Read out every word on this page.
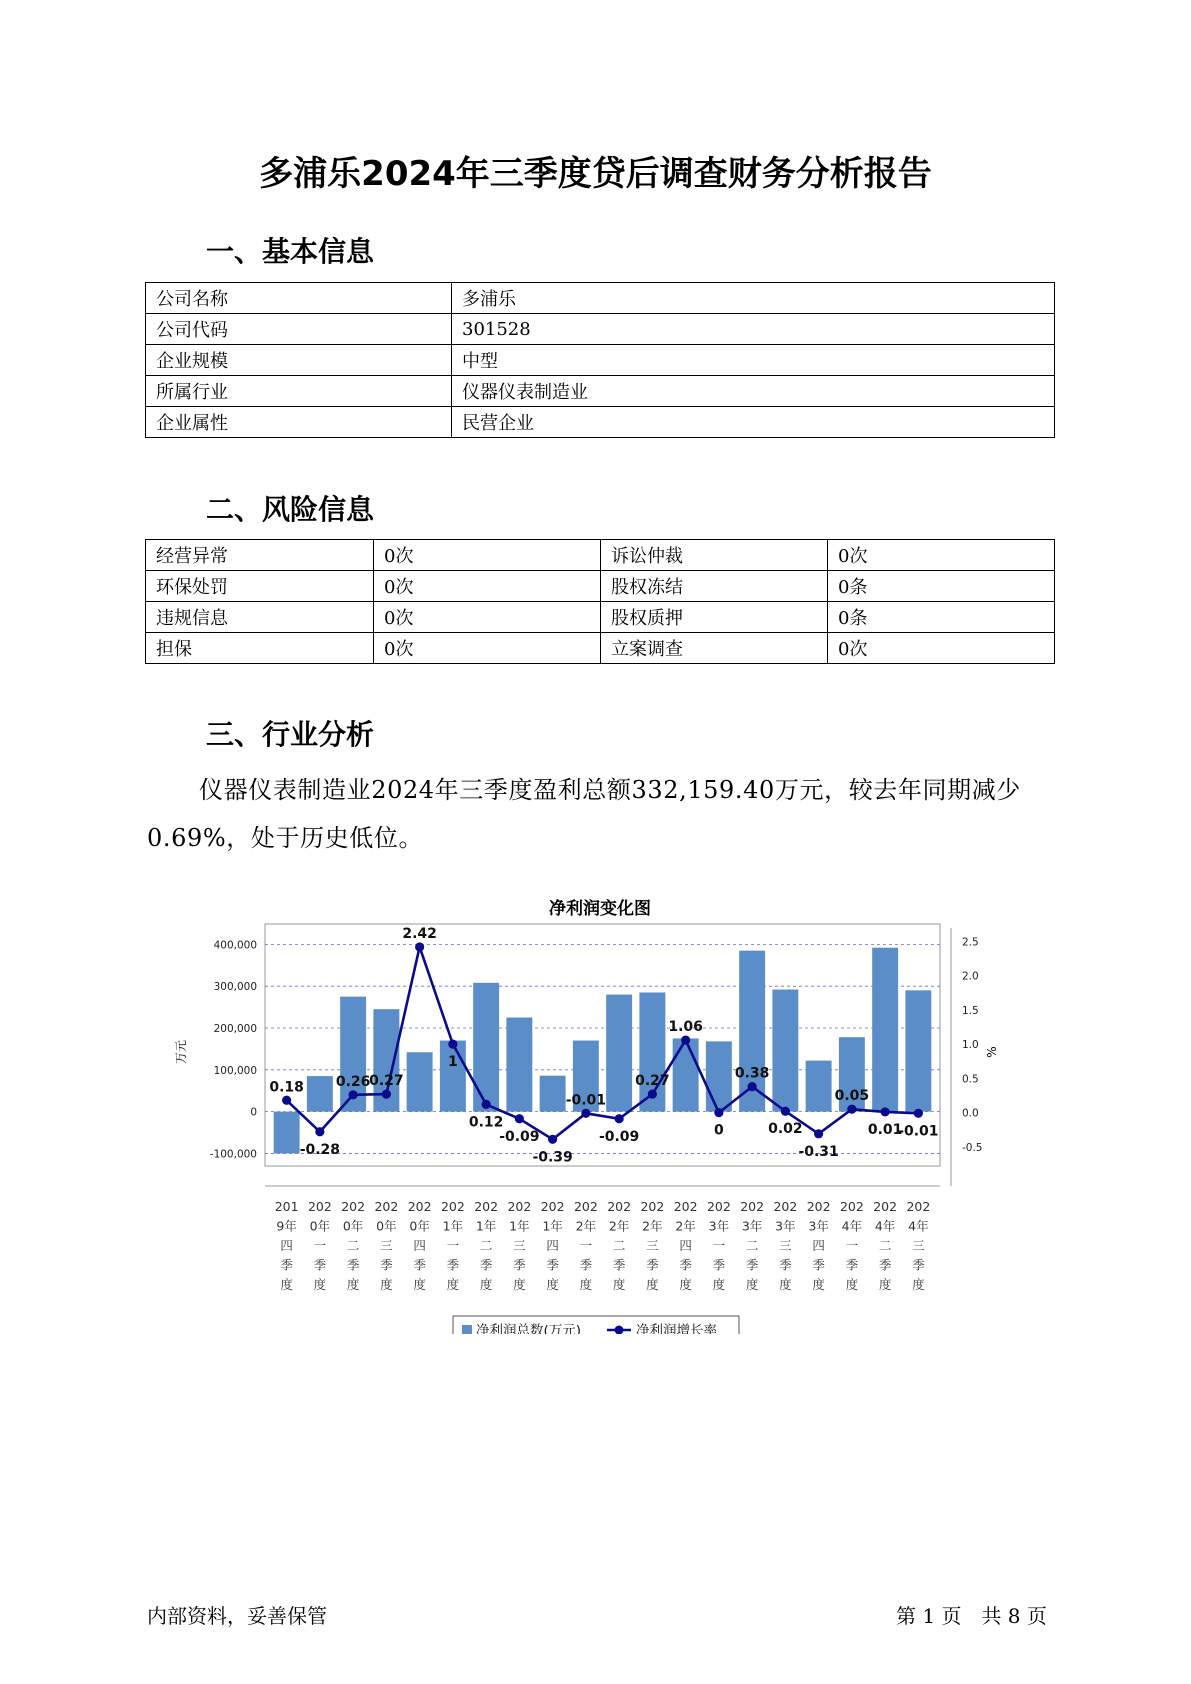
多浦乐2024年三季度贷后调查财务分析报告
一、基本信息
公司名称	多浦乐
公司代码	301528
企业规模	中型
所属行业	仪器仪表制造业
企业属性	民营企业
二、风险信息
经营异常	0次	诉讼仲裁	0次
环保处罚	0次	股权冻结	0条
违规信息	0次	股权质押	0条
担保	0次	立案调查	0次
三、行业分析
仪器仪表制造业2024年三季度盈利总额332,159.40万元，较去年同期减少0.69%，处于历史低位。
净利润变化图
-100,000
0
100,000
200,000
300,000
400,000
-0.5
0.0
0.5
1.0
1.5
2.0
2.5
万元	%
0.18
-0.28
0.26
0.27
2.42
1
0.12
-0.09
-0.39
-0.01
-0.09
0.27
1.06
0
0.38
0.02
-0.31
0.05
0.01
-0.01
201
9年
四
季
度
202
0年
一
季
度
202
0年
二
季
度
202
0年
三
季
度
202
0年
四
季
度
202
1年
一
季
度
202
1年
二
季
度
202
1年
三
季
度
202
1年
四
季
度
202
2年
一
季
度
202
2年
二
季
度
202
2年
三
季
度
202
2年
四
季
度
202
3年
一
季
度
202
3年
二
季
度
202
3年
三
季
度
202
3年
四
季
度
202
4年
一
季
度
202
4年
二
季
度
202
4年
三
季
度
净利润总数(万元)	净利润增长率
内部资料，妥善保管	第 1 页　共 8 页
